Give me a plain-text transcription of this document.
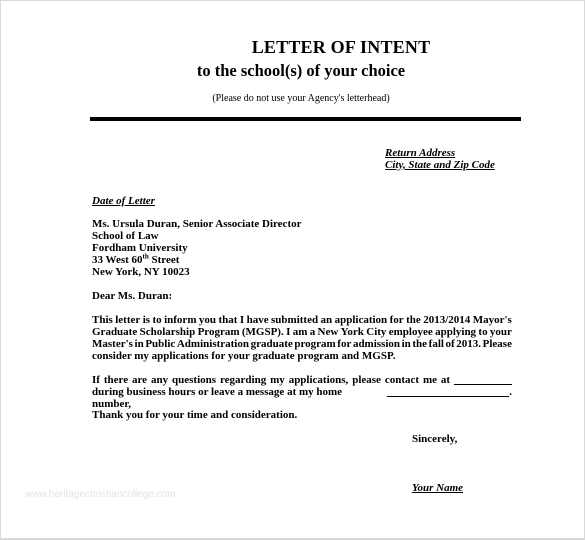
LETTER OF INTENT
to the school(s) of your choice
(Please do not use your Agency's letterhead)
Return Address
City, State and Zip Code
Date of Letter
Ms. Ursula Duran, Senior Associate Director
School of Law
Fordham University
33 West 60th Street
New York, NY 10023
Dear Ms. Duran:
This letter is to inform you that I have submitted an application for the 2013/2014 Mayor's
Graduate Scholarship Program (MGSP). I am a New York City employee applying to your
Master's in Public Administration graduate program for admission in the fall of 2013. Please
consider my applications for your graduate program and MGSP.
If there are any questions regarding my applications, please contact me at
during business hours or leave a message at my home number,
.
Thank you for your time and consideration.
Sincerely,
Your Name
www.heritagechristiancollege.com
